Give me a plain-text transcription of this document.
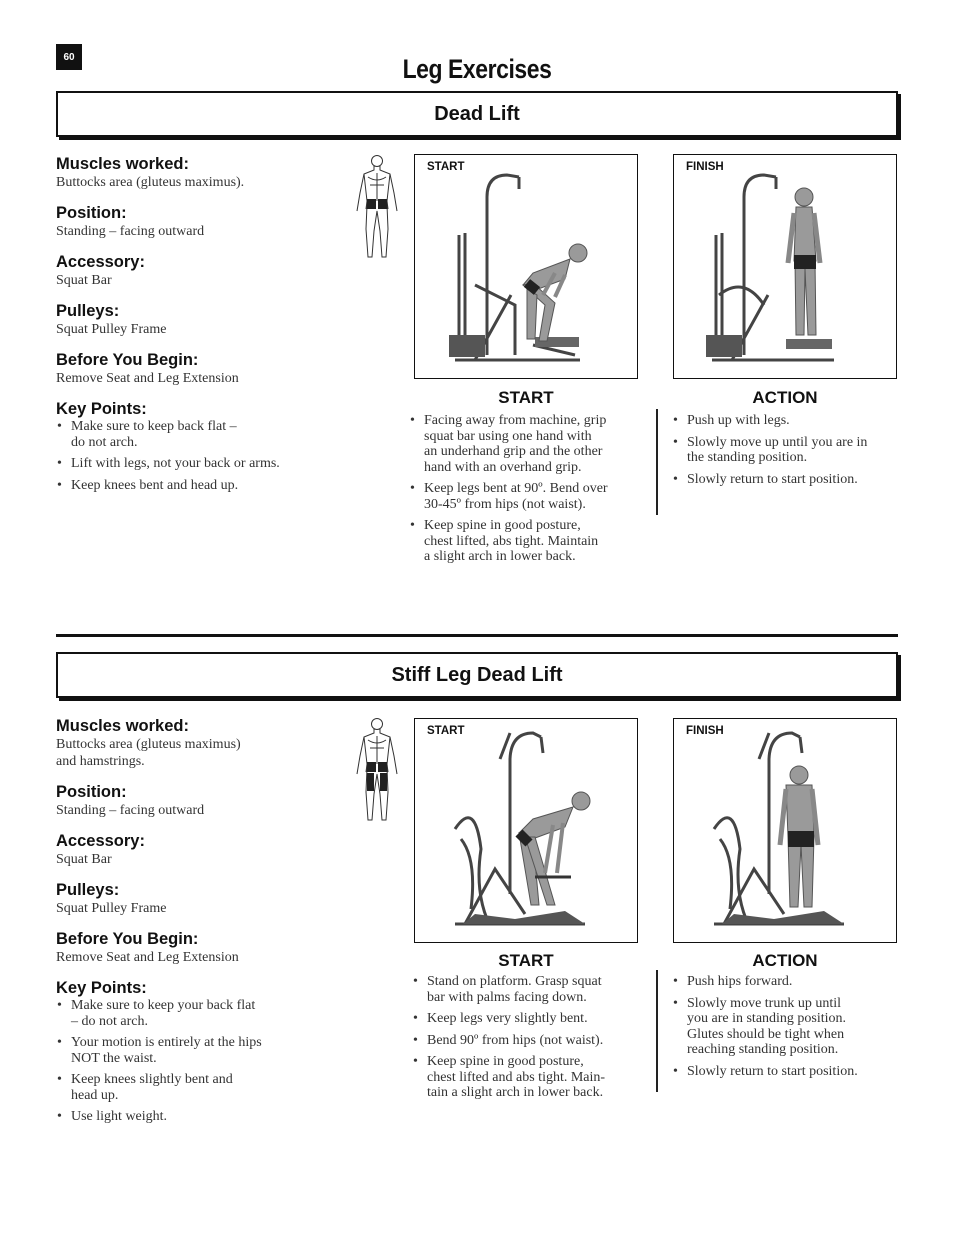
60	Leg Exercises
Dead Lift
Muscles worked:
Buttocks area (gluteus maximus).
Position:
Standing – facing outward
Accessory:
Squat Bar
Pulleys:
Squat Pulley Frame
Before You Begin:
Remove Seat and Leg Extension
Key Points:
• Make sure to keep back flat –
do not arch.
• Lift with legs, not your back or arms.
• Keep knees bent and head up.
START	FINISH
START
• Facing away from machine, grip
squat bar using one hand with
an underhand grip and the other
hand with an overhand grip.
• Keep legs bent at 90º. Bend over
30-45º from hips (not waist).
• Keep spine in good posture,
chest lifted, abs tight. Maintain
a slight arch in lower back.
ACTION
• Push up with legs.
• Slowly move up until you are in
the standing position.
• Slowly return to start position.
Stiff Leg Dead Lift
Muscles worked:
Buttocks area (gluteus maximus)
and hamstrings.
Position:
Standing – facing outward
Accessory:
Squat Bar
Pulleys:
Squat Pulley Frame
Before You Begin:
Remove Seat and Leg Extension
Key Points:
• Make sure to keep your back flat
– do not arch.
• Your motion is entirely at the hips
NOT the waist.
• Keep knees slightly bent and
head up.
• Use light weight.
START	FINISH
START
• Stand on platform. Grasp squat
bar with palms facing down.
• Keep legs very slightly bent.
• Bend 90º from hips (not waist).
• Keep spine in good posture,
chest lifted and abs tight. Main-
tain a slight arch in lower back.
ACTION
• Push hips forward.
• Slowly move trunk up until
you are in standing position.
Glutes should be tight when
reaching standing position.
• Slowly return to start position.
